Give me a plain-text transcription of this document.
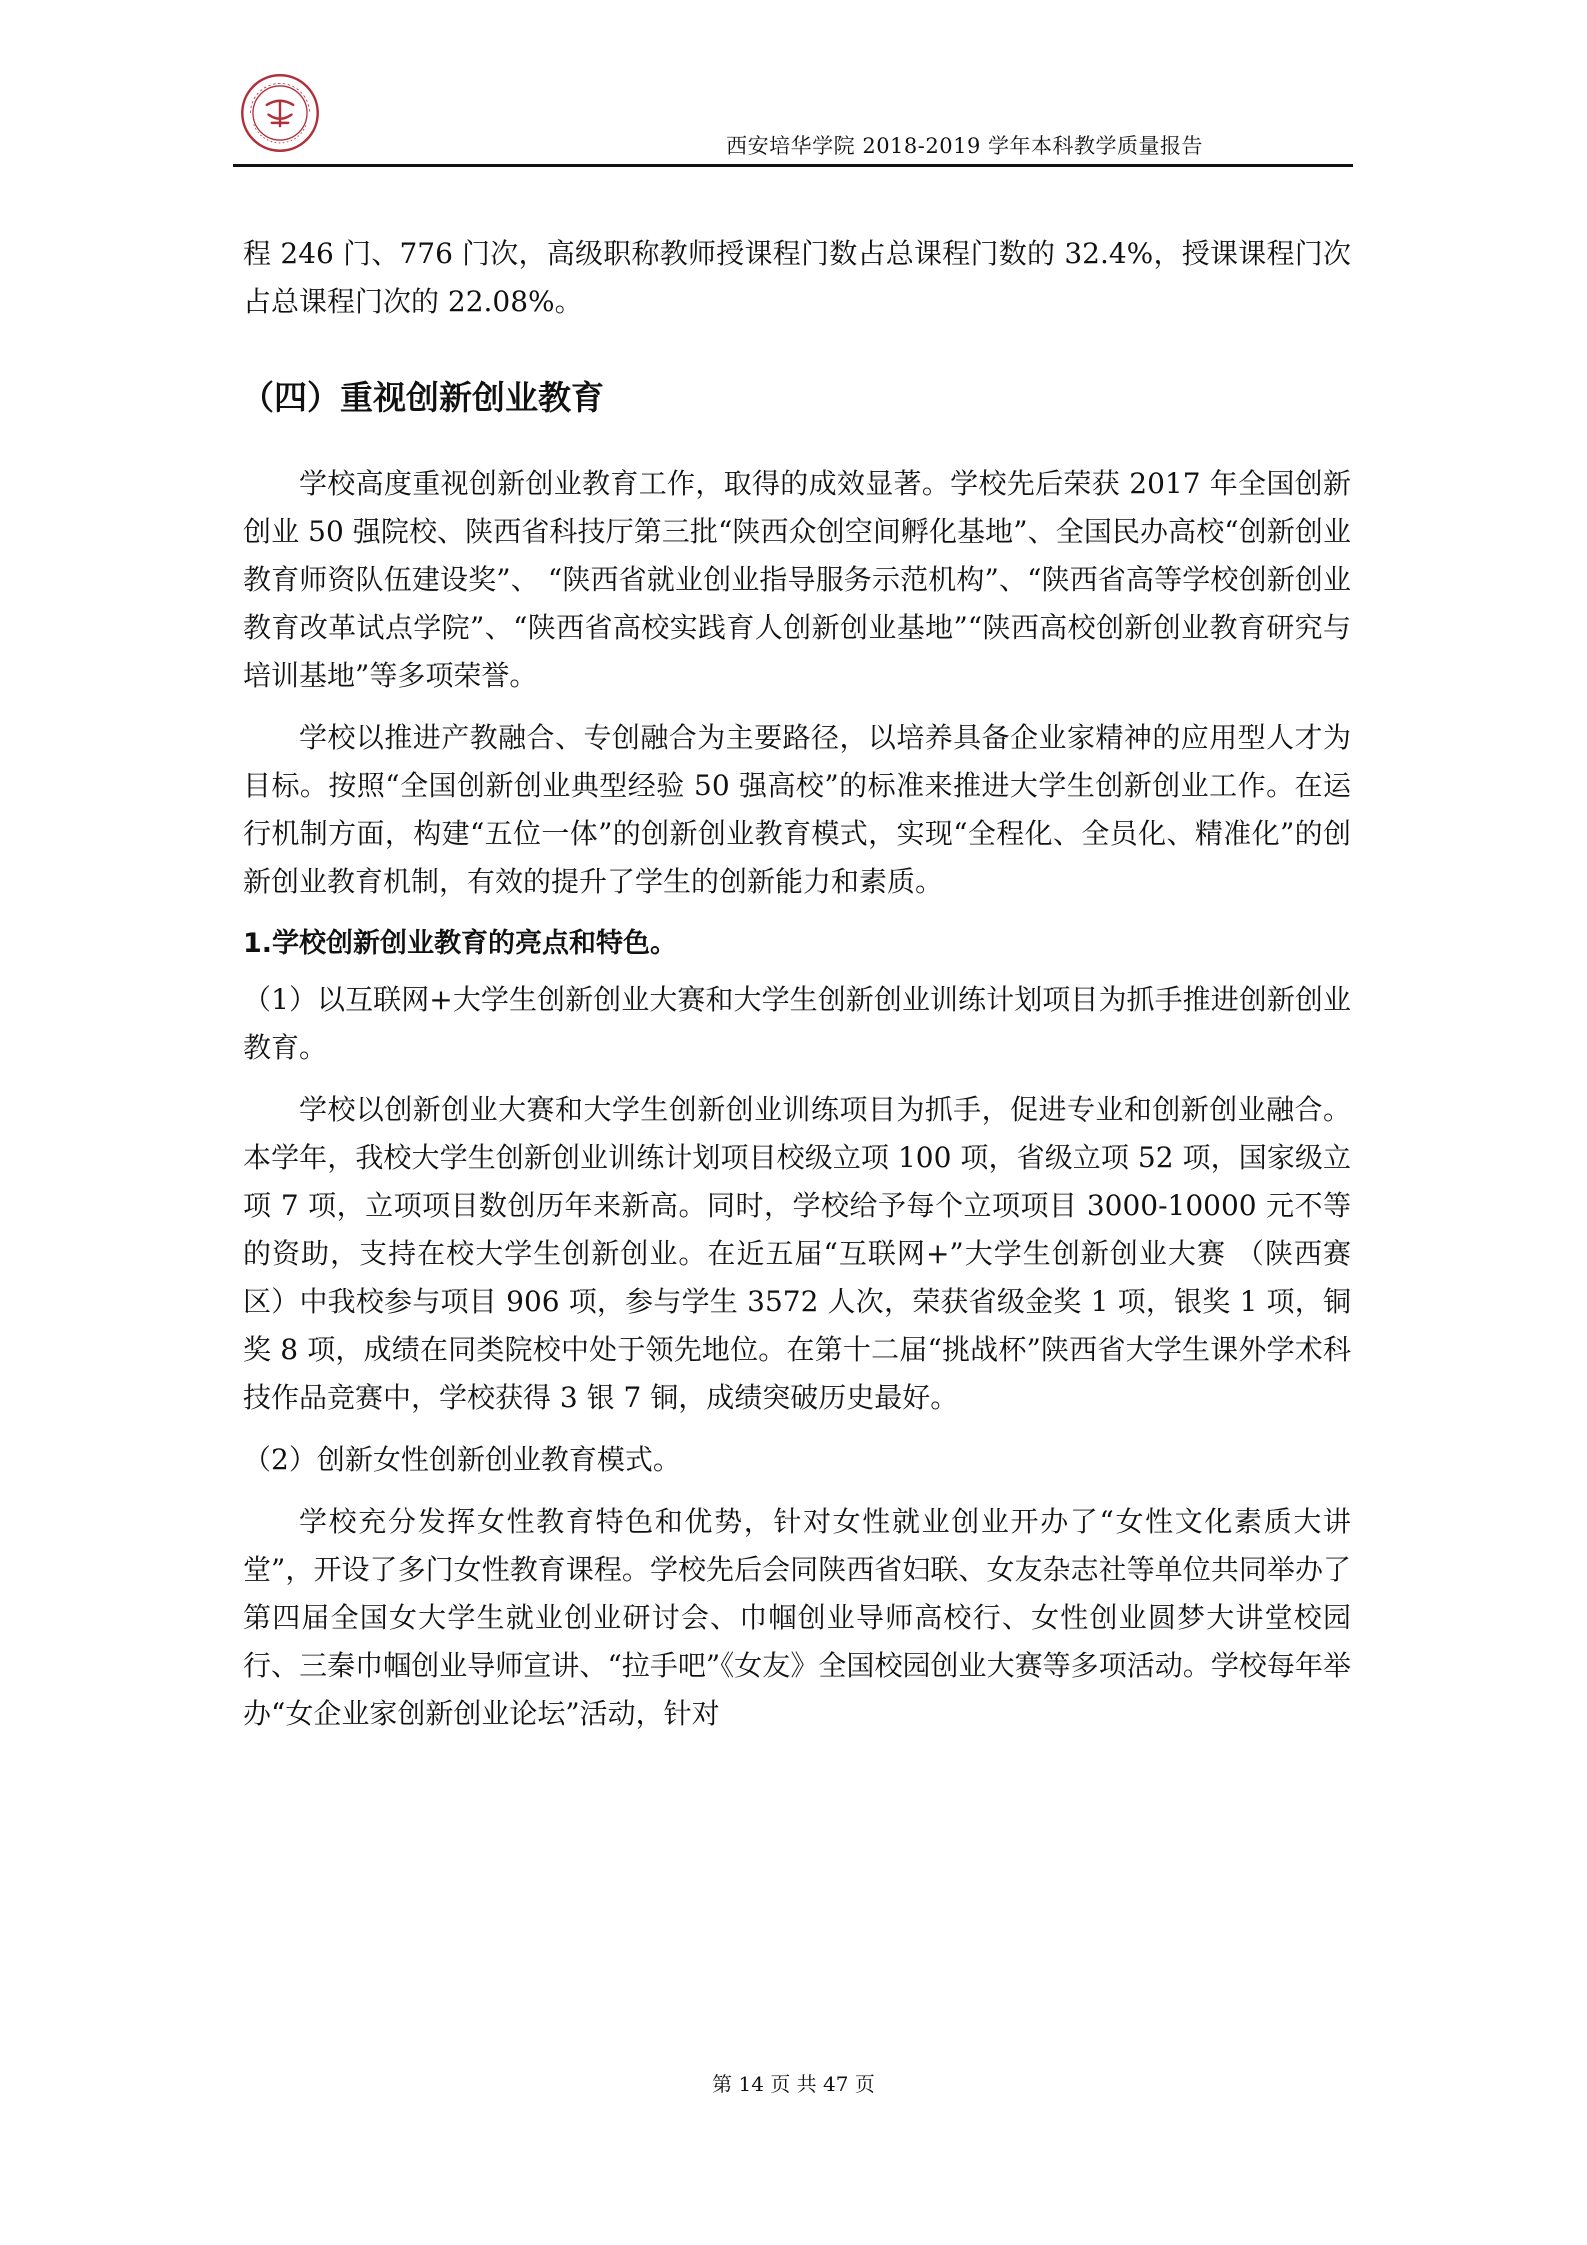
西安培华学院 2018-2019 学年本科教学质量报告

程 246 门、776 门次，高级职称教师授课程门数占总课程门数的 32.4%，授课课程门次占总课程门次的 22.08%。

（四）重视创新创业教育

学校高度重视创新创业教育工作，取得的成效显著。学校先后荣获 2017 年全国创新创业 50 强院校、陕西省科技厅第三批“陕西众创空间孵化基地”、全国民办高校“创新创业教育师资队伍建设奖”、 “陕西省就业创业指导服务示范机构”、“陕西省高等学校创新创业教育改革试点学院”、“陕西省高校实践育人创新创业基地”“陕西高校创新创业教育研究与培训基地”等多项荣誉。

学校以推进产教融合、专创融合为主要路径，以培养具备企业家精神的应用型人才为目标。按照“全国创新创业典型经验 50 强高校”的标准来推进大学生创新创业工作。在运行机制方面，构建“五位一体”的创新创业教育模式，实现“全程化、全员化、精准化”的创新创业教育机制，有效的提升了学生的创新能力和素质。

1.学校创新创业教育的亮点和特色。

（1）以互联网+大学生创新创业大赛和大学生创新创业训练计划项目为抓手推进创新创业教育。

学校以创新创业大赛和大学生创新创业训练项目为抓手，促进专业和创新创业融合。本学年，我校大学生创新创业训练计划项目校级立项 100 项，省级立项 52 项，国家级立项 7 项，立项项目数创历年来新高。同时，学校给予每个立项项目 3000-10000 元不等的资助，支持在校大学生创新创业。在近五届“互联网+”大学生创新创业大赛 （陕西赛区）中我校参与项目 906 项，参与学生 3572 人次，荣获省级金奖 1 项，银奖 1 项，铜奖 8 项，成绩在同类院校中处于领先地位。在第十二届“挑战杯”陕西省大学生课外学术科技作品竞赛中，学校获得 3 银 7 铜，成绩突破历史最好。

（2）创新女性创新创业教育模式。

学校充分发挥女性教育特色和优势，针对女性就业创业开办了“女性文化素质大讲堂”，开设了多门女性教育课程。学校先后会同陕西省妇联、女友杂志社等单位共同举办了第四届全国女大学生就业创业研讨会、巾帼创业导师高校行、女性创业圆梦大讲堂校园行、三秦巾帼创业导师宣讲、“拉手吧”《女友》全国校园创业大赛等多项活动。学校每年举办“女企业家创新创业论坛”活动，针对

第 14 页 共 47 页
